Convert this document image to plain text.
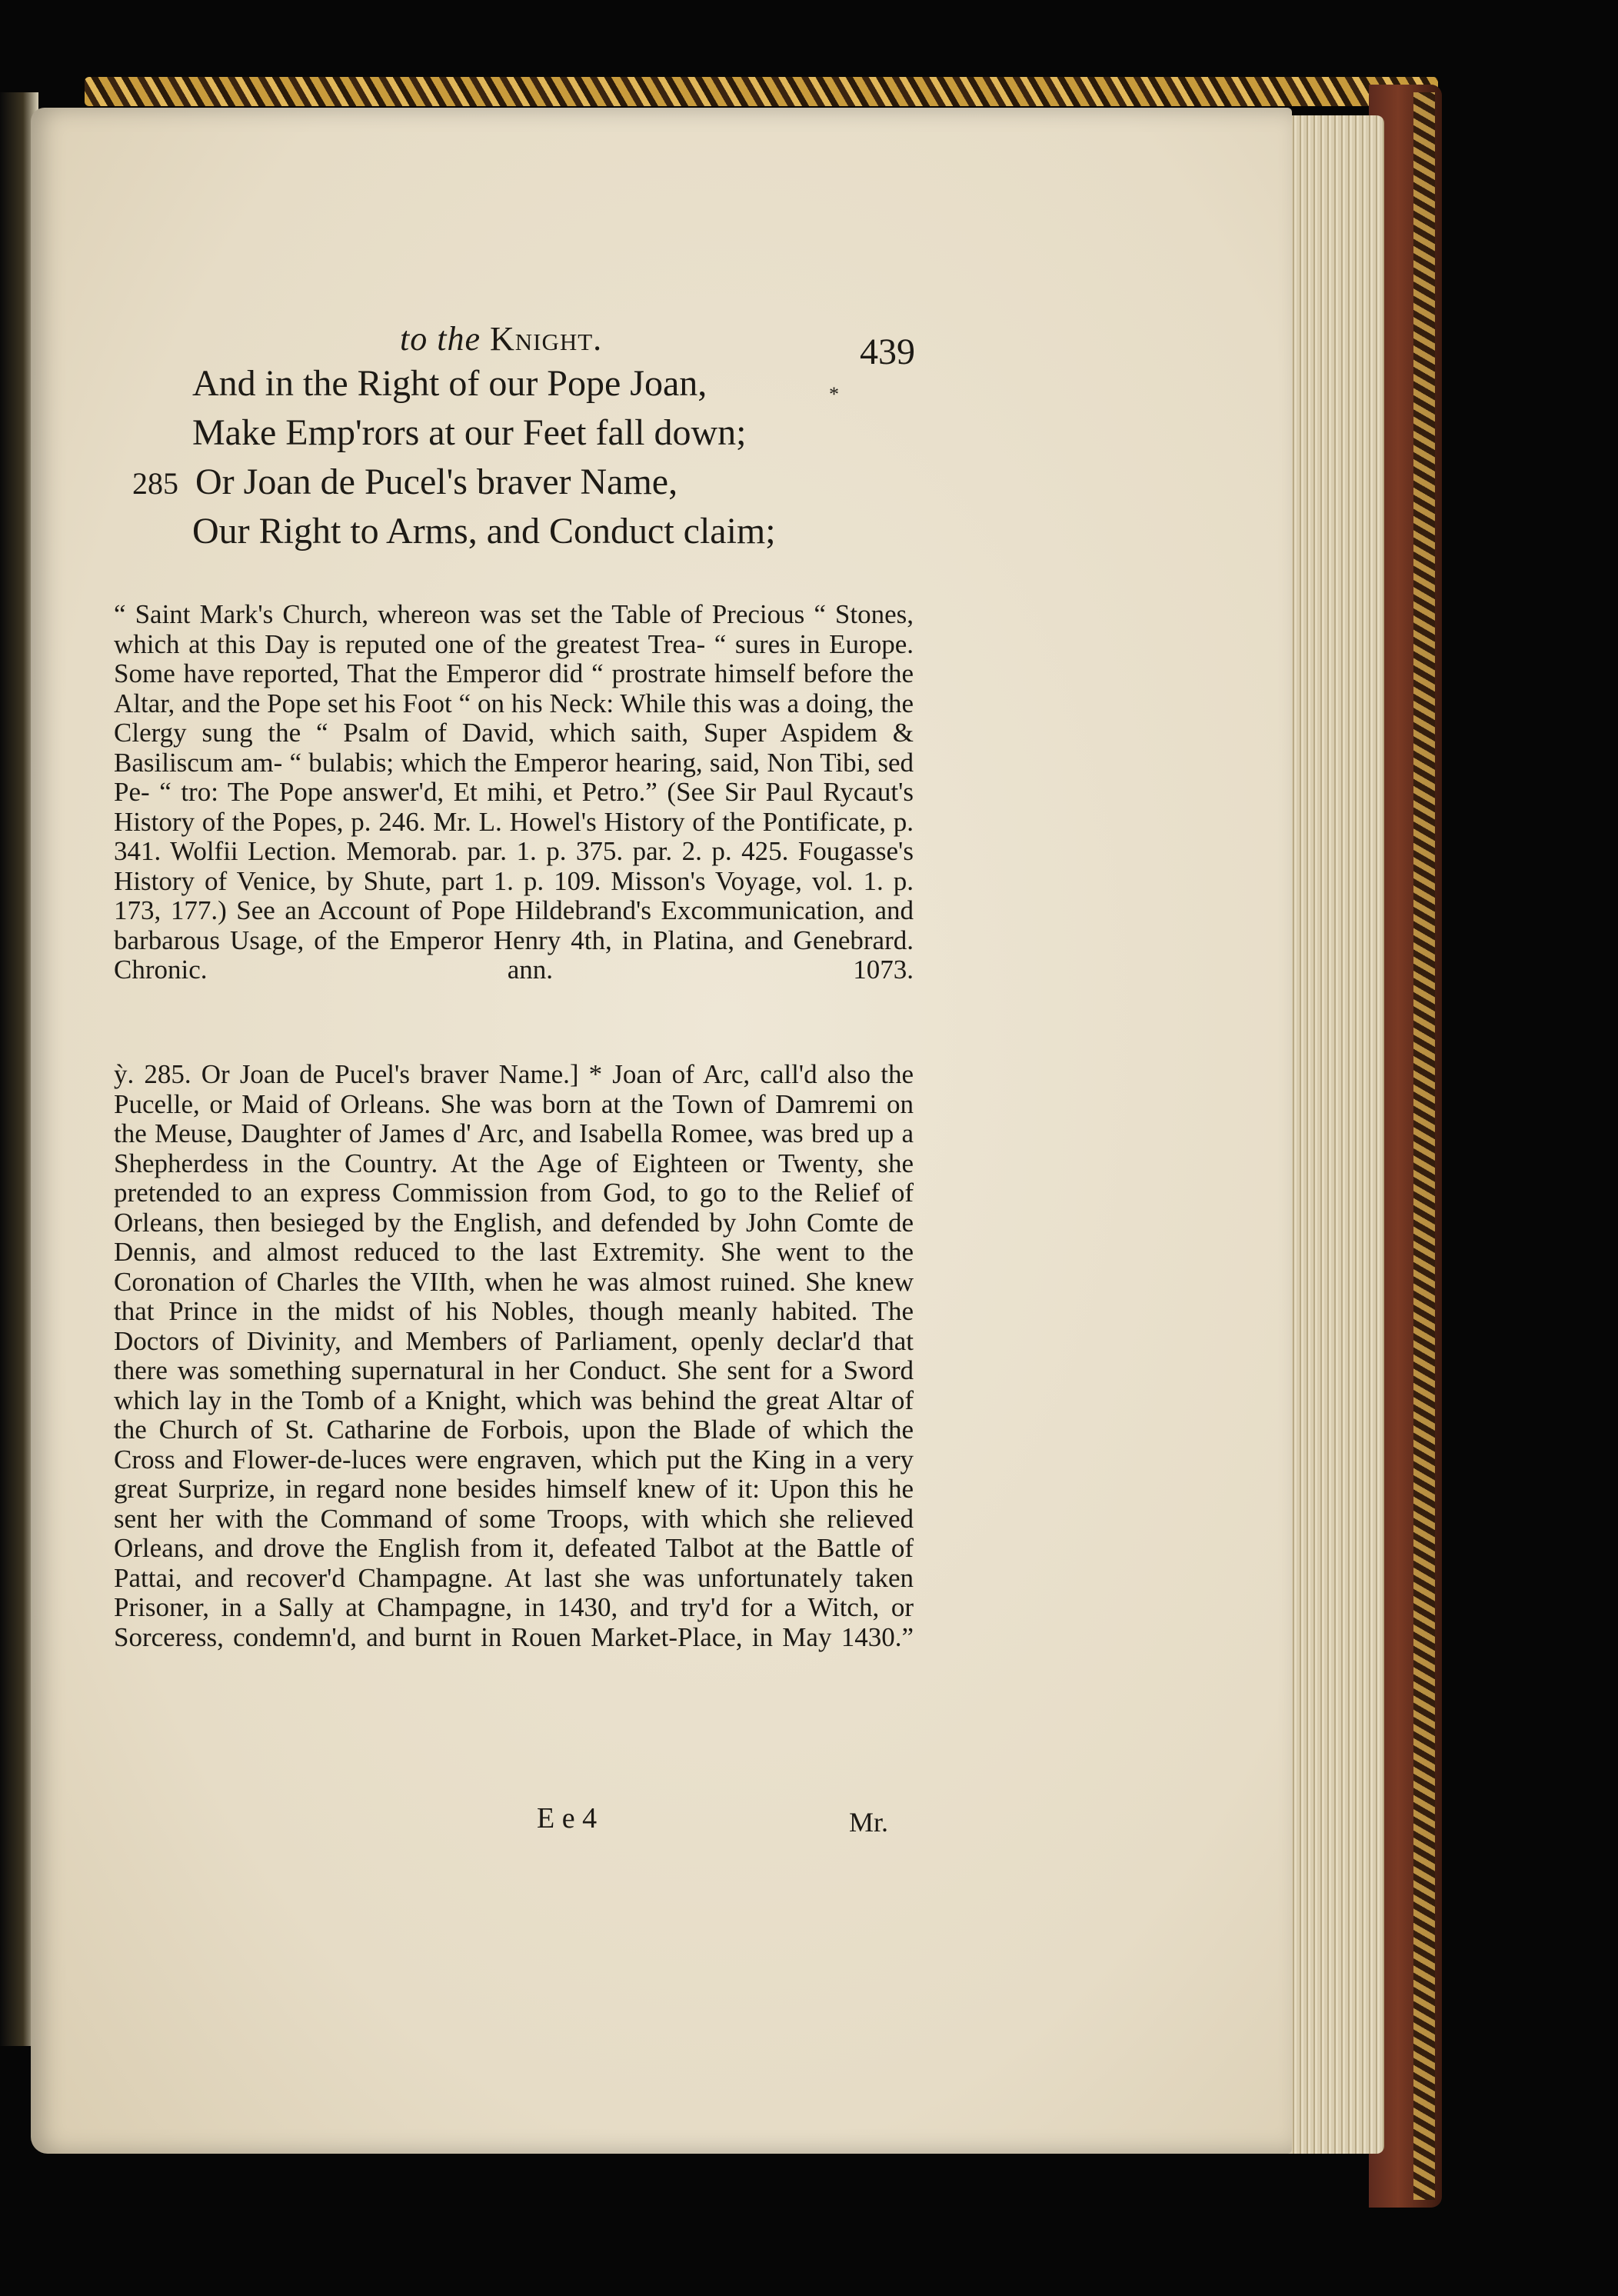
to the Knight.	439
*
And in the Right of our Pope Joan,
Make Emp'rors at our Feet fall down;
285 Or Joan de Pucel's braver Name,
Our Right to Arms, and Conduct claim;

“ Saint Mark's Church, whereon was set the Table of Precious “ Stones, which at this Day is reputed one of the greatest Trea- “ sures in Europe. Some have reported, That the Emperor did “ prostrate himself before the Altar, and the Pope set his Foot “ on his Neck: While this was a doing, the Clergy sung the “ Psalm of David, which saith, Super Aspidem & Basiliscum am- “ bulabis; which the Emperor hearing, said, Non Tibi, sed Pe- “ tro: The Pope answer'd, Et mihi, et Petro.” (See Sir Paul Rycaut's History of the Popes, p. 246. Mr. L. Howel's History of the Pontificate, p. 341. Wolfii Lection. Memorab. par. 1. p. 375. par. 2. p. 425. Fougasse's History of Venice, by Shute, part 1. p. 109. Misson's Voyage, vol. 1. p. 173, 177.) See an Account of Pope Hildebrand's Excommunication, and barbarous Usage, of the Emperor Henry 4th, in Platina, and Genebrard. Chronic. ann. 1073.

ỳ. 285. Or Joan de Pucel's braver Name.] * Joan of Arc, call'd also the Pucelle, or Maid of Orleans. She was born at the Town of Damremi on the Meuse, Daughter of James d' Arc, and Isabella Romee, was bred up a Shepherdess in the Country. At the Age of Eighteen or Twenty, she pretended to an express Commission from God, to go to the Relief of Orleans, then besieged by the English, and defended by John Comte de Dennis, and almost reduced to the last Extremity. She went to the Coronation of Charles the VIIth, when he was almost ruined. She knew that Prince in the midst of his Nobles, though meanly habited. The Doctors of Divinity, and Members of Parliament, openly declar'd that there was something supernatural in her Conduct. She sent for a Sword which lay in the Tomb of a Knight, which was behind the great Altar of the Church of St. Catharine de Forbois, upon the Blade of which the Cross and Flower-de-luces were engraven, which put the King in a very great Surprize, in regard none besides himself knew of it: Upon this he sent her with the Command of some Troops, with which she relieved Orleans, and drove the English from it, defeated Talbot at the Battle of Pattai, and recover'd Champagne. At last she was unfortunately taken Prisoner, in a Sally at Champagne, in 1430, and try'd for a Witch, or Sorceress, condemn'd, and burnt in Rouen Market-Place, in May 1430.”

E e 4	Mr.
